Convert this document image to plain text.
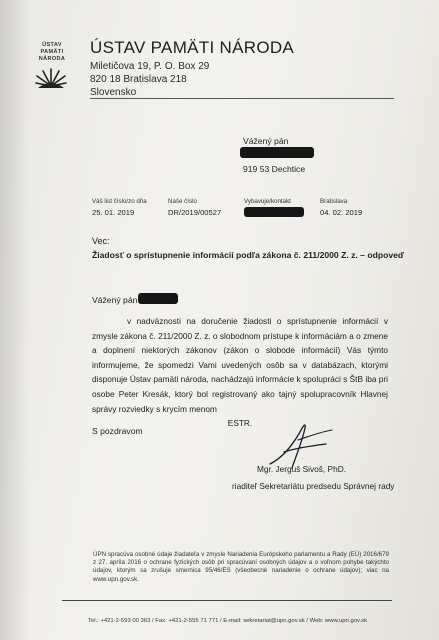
ÚSTAV
PAMÄTI
NÁRODA
ÚSTAV PAMÄTI NÁRODA
Miletičova 19, P. O. Box 29
820 18 Bratislava 218
Slovensko
Vážený pán
919 53 Dechtice
Váš list číslo/zo dňa
25. 01. 2019
Naše číslo
DR/2019/00527
Vybavuje/kontakt	Bratislava
04. 02. 2019
Vec:
Žiadosť o sprístupnenie informácií podľa zákona č. 211/2000 Z. z. – odpoveď
Vážený pán
v nadväznosti na doručenie žiadosti o sprístupnenie informácií v zmysle zákona č. 211/2000 Z. z. o slobodnom prístupe k informáciám a o zmene a doplnení niektorých zákonov (zákon o slobode informácií) Vás týmto informujeme, že spomedzi Vami uvedených osôb sa v databázach, ktorými disponuje Ústav pamäti národa, nachádzajú informácie k spolupráci s ŠtB iba pri osobe Peter Kresák, ktorý bol registrovaný ako tajný spolupracovník Hlavnej správy rozviedky s krycím menom
ESTR.
S pozdravom
Mgr. Jerguš Sivoš, PhD.
riaditeľ Sekretariátu predsedu Správnej rady
ÚPN spracúva osobné údaje žiadateľa v zmysle Nariadenia Európskeho parlamentu a Rady (EÚ) 2016/679 z 27. apríla 2016 o ochrane fyzických osôb pri spracúvaní osobných údajov a o voľnom pohybe takýchto údajov, ktorým sa zrušuje smernica 95/46/ES (všeobecné nariadenie o ochrane údajov); viac na www.upn.gov.sk.
Tel.: +421-2-593 00 363 / Fax: +421-2-555 71 771 / E-mail: sekretariat@upn.gov.sk / Web: www.upn.gov.sk
